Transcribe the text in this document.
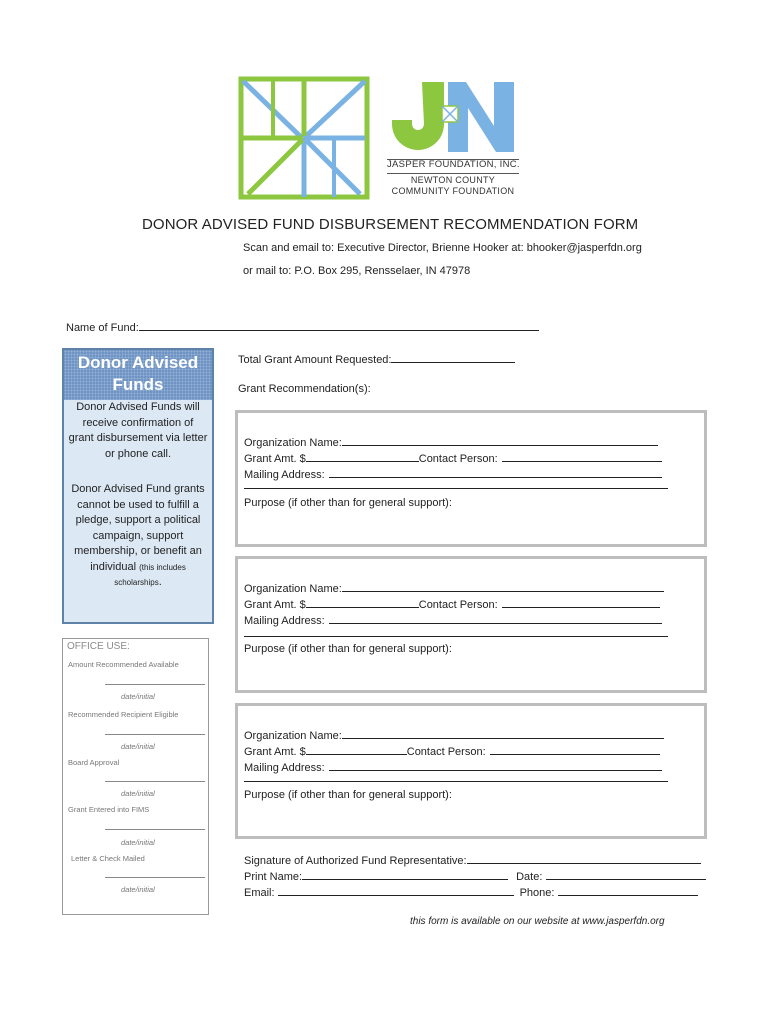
JASPER FOUNDATION, INC.
NEWTON COUNTY
COMMUNITY FOUNDATION
DONOR ADVISED FUND DISBURSEMENT RECOMMENDATION FORM
Scan and email to: Executive Director, Brienne Hooker at: bhooker@jasperfdn.org
or mail to: P.O. Box 295, Rensselaer, IN 47978
Name of Fund:
Donor Advised
Funds
Donor Advised Funds will
receive confirmation of
grant disbursement via letter
or phone call.
Donor Advised Fund grants
cannot be used to fulfill a
pledge, support a political
campaign, support
membership, or benefit an
individual (this includes
scholarships.
OFFICE USE:
Amount Recommended Available
date/initial
Recommended Recipient Eligible
date/initial
Board Approval
date/initial
Grant Entered into FIMS
date/initial
Letter & Check Mailed
date/initial
Total Grant Amount Requested:
Grant Recommendation(s):
Organization Name:
Grant Amt. $	Contact Person:
Mailing Address:
Purpose (if other than for general support):
Organization Name:
Grant Amt. $	Contact Person:
Mailing Address:
Purpose (if other than for general support):
Organization Name:
Grant Amt. $	Contact Person:
Mailing Address:
Purpose (if other than for general support):
Signature of Authorized Fund Representative:
Print Name:	Date:
Email:	Phone:
this form is available on our website at www.jasperfdn.org
